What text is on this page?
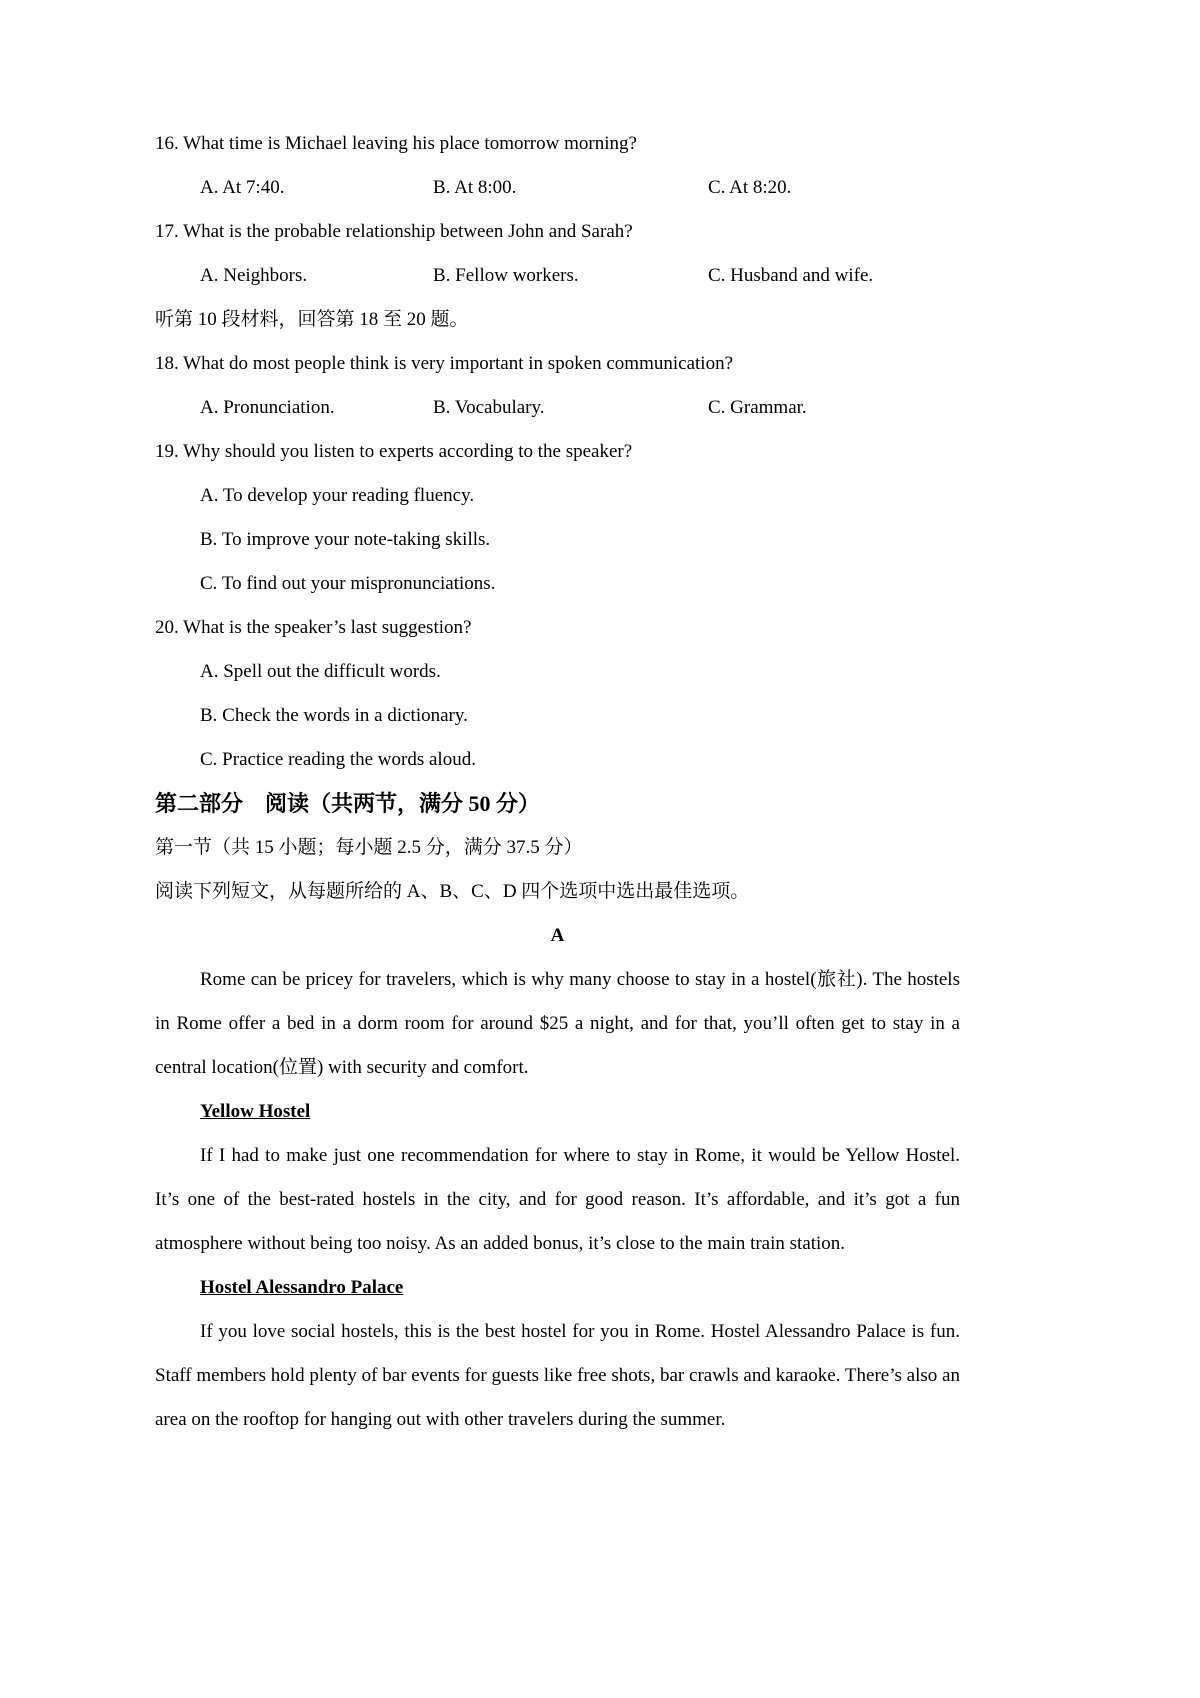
16. What time is Michael leaving his place tomorrow morning?
A. At 7:40.	B. At 8:00.	C. At 8:20.
17. What is the probable relationship between John and Sarah?
A. Neighbors.	B. Fellow workers.	C. Husband and wife.
听第 10 段材料，回答第 18 至 20 题。
18. What do most people think is very important in spoken communication?
A. Pronunciation.	B. Vocabulary.	C. Grammar.
19. Why should you listen to experts according to the speaker?
A. To develop your reading fluency.
B. To improve your note-taking skills.
C. To find out your mispronunciations.
20. What is the speaker’s last suggestion?
A. Spell out the difficult words.
B. Check the words in a dictionary.
C. Practice reading the words aloud.
第二部分　阅读（共两节，满分 50 分）
第一节（共 15 小题；每小题 2.5 分，满分 37.5 分）
阅读下列短文，从每题所给的 A、B、C、D 四个选项中选出最佳选项。
A

Rome can be pricey for travelers, which is why many choose to stay in a hostel(旅社). The hostels in Rome offer a bed in a dorm room for around $25 a night, and for that, you’ll often get to stay in a central location(位置) with security and comfort.

Yellow Hostel

If I had to make just one recommendation for where to stay in Rome, it would be Yellow Hostel. It’s one of the best-rated hostels in the city, and for good reason. It’s affordable, and it’s got a fun atmosphere without being too noisy. As an added bonus, it’s close to the main train station.

Hostel Alessandro Palace

If you love social hostels, this is the best hostel for you in Rome. Hostel Alessandro Palace is fun. Staff members hold plenty of bar events for guests like free shots, bar crawls and karaoke. There’s also an area on the rooftop for hanging out with other travelers during the summer.
